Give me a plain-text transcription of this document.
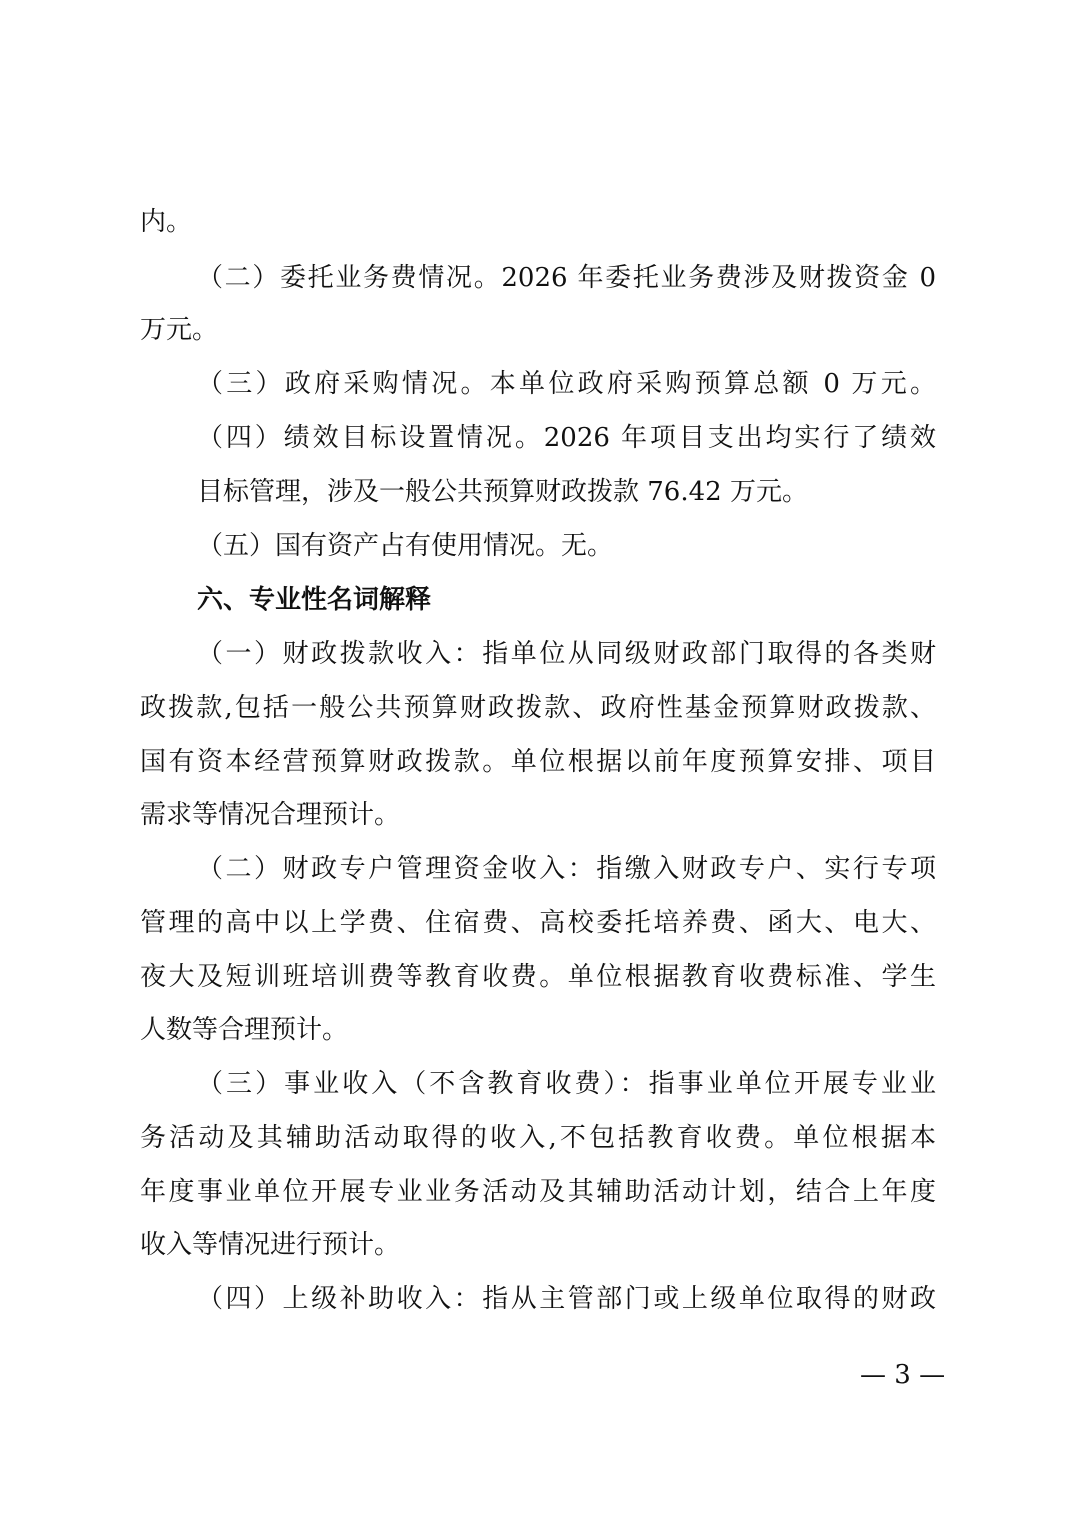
内。
（二）委托业务费情况。2026 年委托业务费涉及财拨资金 0
万元。
（三）政府采购情况。本单位政府采购预算总额 0 万元。
（四）绩效目标设置情况。2026 年项目支出均实行了绩效
目标管理，涉及一般公共预算财政拨款 76.42 万元。
（五）国有资产占有使用情况。无。
六、专业性名词解释
（一）财政拨款收入：指单位从同级财政部门取得的各类财
政拨款,包括一般公共预算财政拨款、政府性基金预算财政拨款、
国有资本经营预算财政拨款。单位根据以前年度预算安排、项目
需求等情况合理预计。
（二）财政专户管理资金收入：指缴入财政专户、实行专项
管理的高中以上学费、住宿费、高校委托培养费、函大、电大、
夜大及短训班培训费等教育收费。单位根据教育收费标准、学生
人数等合理预计。
（三）事业收入（不含教育收费）：指事业单位开展专业业
务活动及其辅助活动取得的收入,不包括教育收费。单位根据本
年度事业单位开展专业业务活动及其辅助活动计划，结合上年度
收入等情况进行预计。
（四）上级补助收入：指从主管部门或上级单位取得的财政
— 3 —
